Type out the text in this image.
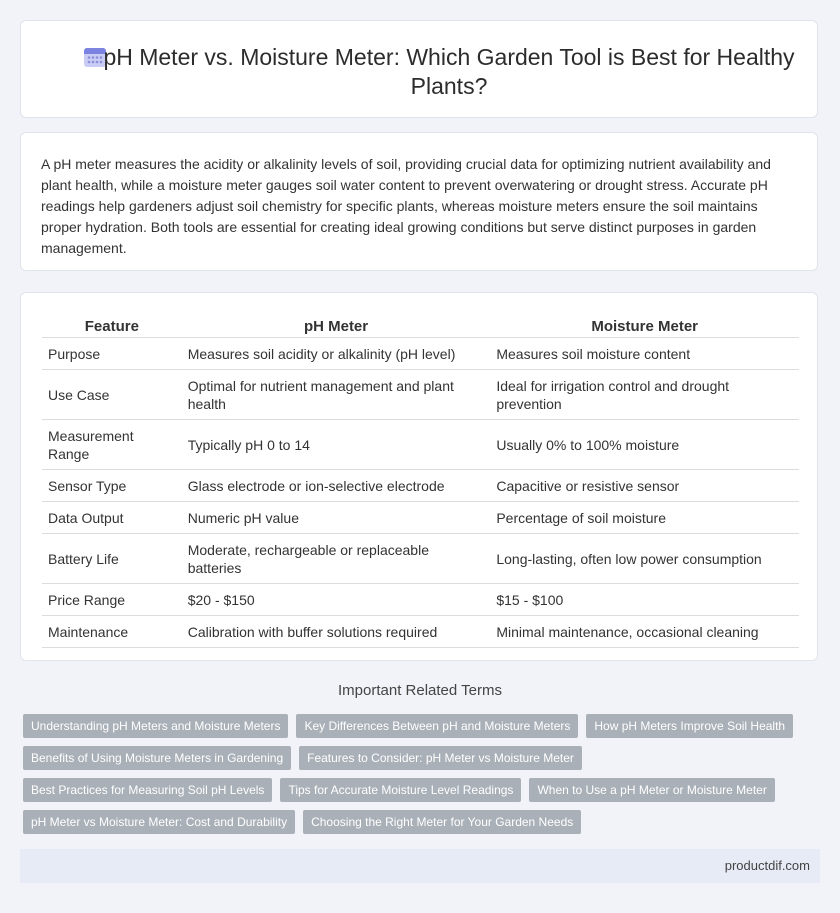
pH Meter vs. Moisture Meter: Which Garden Tool is Best for Healthy Plants?

A pH meter measures the acidity or alkalinity levels of soil, providing crucial data for optimizing nutrient availability and plant health, while a moisture meter gauges soil water content to prevent overwatering or drought stress. Accurate pH readings help gardeners adjust soil chemistry for specific plants, whereas moisture meters ensure the soil maintains proper hydration. Both tools are essential for creating ideal growing conditions but serve distinct purposes in garden management.

Feature	pH Meter	Moisture Meter
Purpose	Measures soil acidity or alkalinity (pH level)	Measures soil moisture content
Use Case	Optimal for nutrient management and plant health	Ideal for irrigation control and drought prevention
Measurement Range	Typically pH 0 to 14	Usually 0% to 100% moisture
Sensor Type	Glass electrode or ion-selective electrode	Capacitive or resistive sensor
Data Output	Numeric pH value	Percentage of soil moisture
Battery Life	Moderate, rechargeable or replaceable batteries	Long-lasting, often low power consumption
Price Range	$20 - $150	$15 - $100
Maintenance	Calibration with buffer solutions required	Minimal maintenance, occasional cleaning
Important Related Terms
Understanding pH Meters and Moisture Meters	Key Differences Between pH and Moisture Meters	How pH Meters Improve Soil Health
Benefits of Using Moisture Meters in Gardening	Features to Consider: pH Meter vs Moisture Meter
Best Practices for Measuring Soil pH Levels	Tips for Accurate Moisture Level Readings	When to Use a pH Meter or Moisture Meter
pH Meter vs Moisture Meter: Cost and Durability	Choosing the Right Meter for Your Garden Needs
productdif.com
